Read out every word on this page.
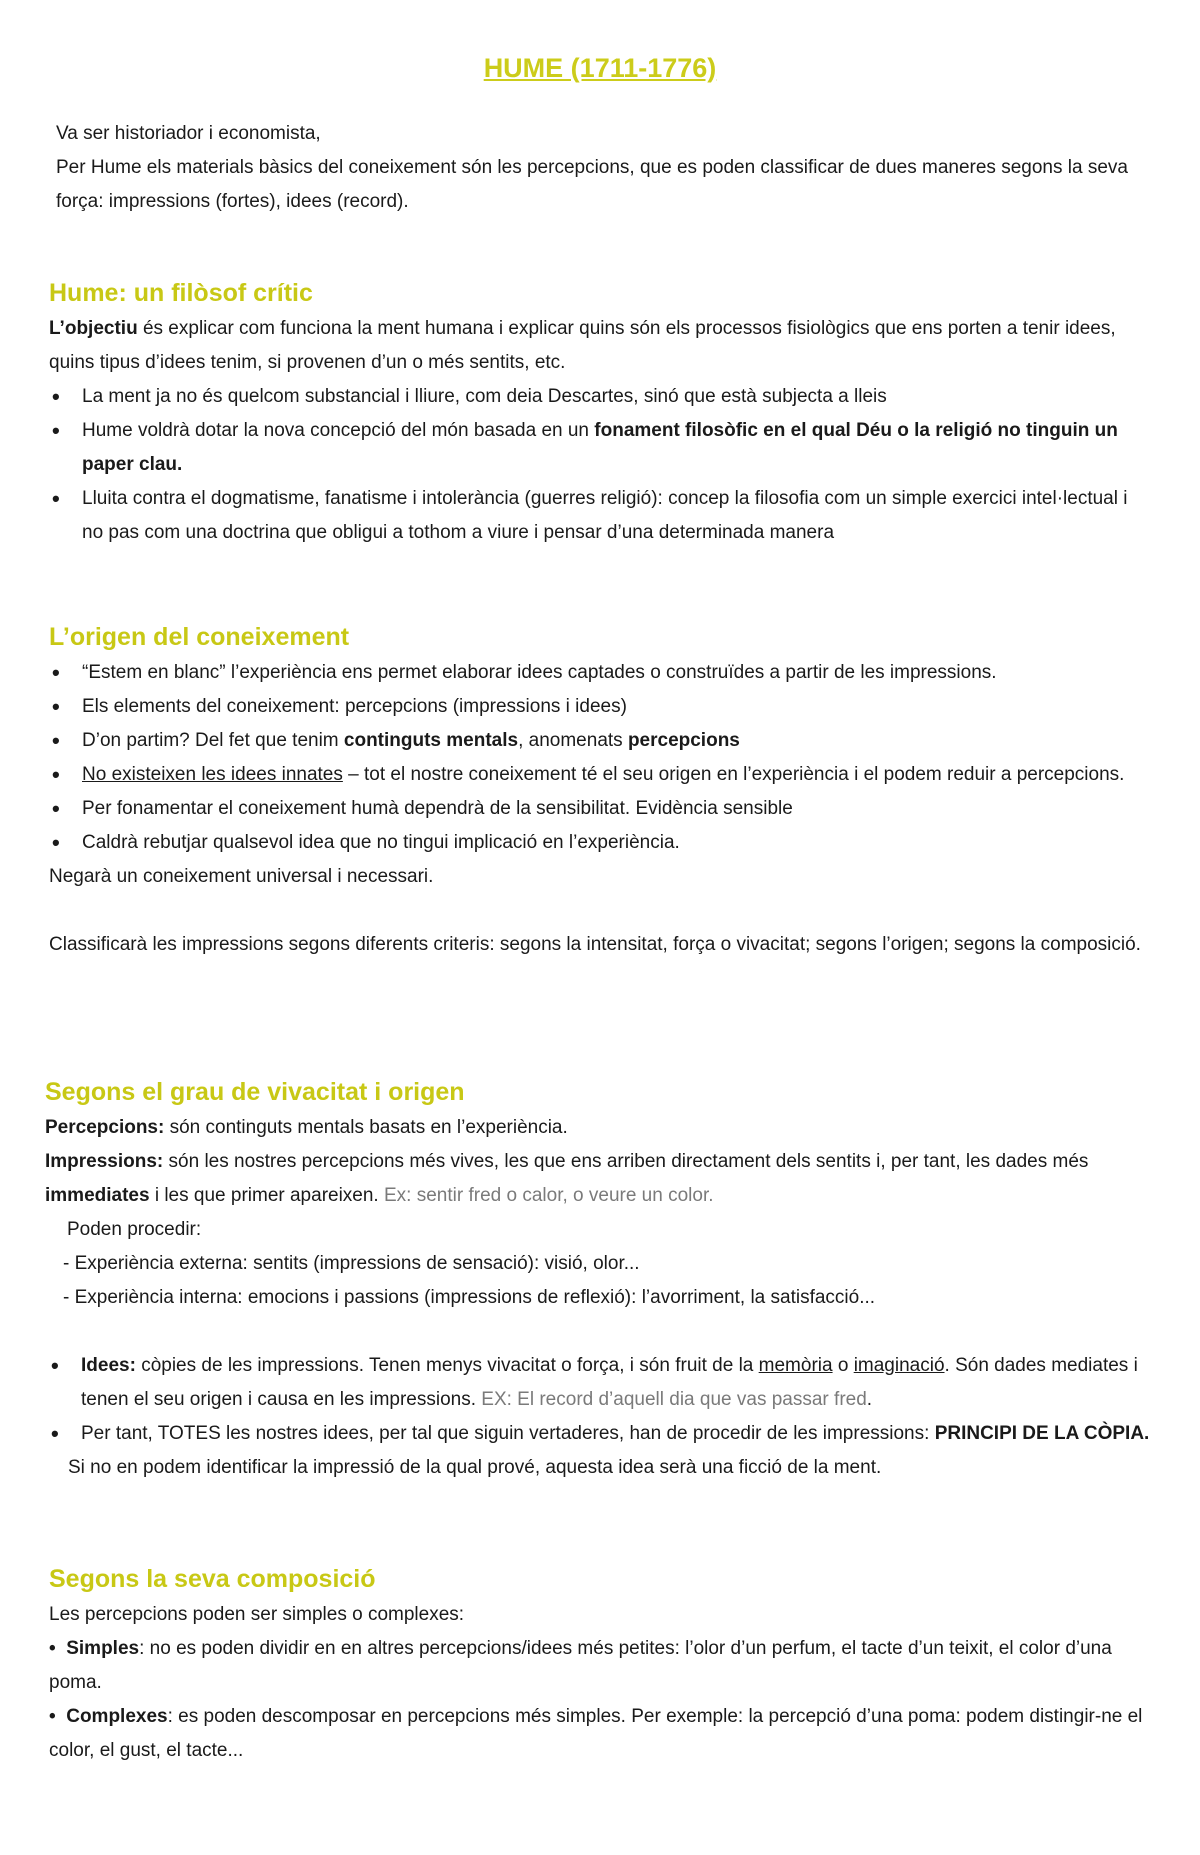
HUME (1711-1776)

Va ser historiador i economista,

Per Hume els materials bàsics del coneixement són les percepcions, que es poden classificar de dues maneres segons la seva força: impressions (fortes), idees (record).

Hume: un filòsof crític

L’objectiu és explicar com funciona la ment humana i explicar quins són els processos fisiològics que ens porten a tenir idees, quins tipus d’idees tenim, si provenen d’un o més sentits, etc.

• La ment ja no és quelcom substancial i lliure, com deia Descartes, sinó que està subjecta a lleis
• Hume voldrà dotar la nova concepció del món basada en un fonament filosòfic en el qual Déu o la religió no tinguin un paper clau.
• Lluita contra el dogmatisme, fanatisme i intolerància (guerres religió): concep la filosofia com un simple exercici intel·lectual i no pas com una doctrina que obligui a tothom a viure i pensar d’una determinada manera
L’origen del coneixement
• “Estem en blanc” l’experiència ens permet elaborar idees captades o construïdes a partir de les impressions.
• Els elements del coneixement: percepcions (impressions i idees)
• D’on partim? Del fet que tenim continguts mentals, anomenats percepcions
• No existeixen les idees innates – tot el nostre coneixement té el seu origen en l’experiència i el podem reduir a percepcions.
• Per fonamentar el coneixement humà dependrà de la sensibilitat. Evidència sensible
• Caldrà rebutjar qualsevol idea que no tingui implicació en l’experiència.

Negarà un coneixement universal i necessari.

Classificarà les impressions segons diferents criteris: segons la intensitat, força o vivacitat; segons l’origen; segons la composició.

Segons el grau de vivacitat i origen

Percepcions: són continguts mentals basats en l’experiència.

Impressions: són les nostres percepcions més vives, les que ens arriben directament dels sentits i, per tant, les dades més immediates i les que primer apareixen. Ex: sentir fred o calor, o veure un color.

Poden procedir:

- Experiència externa: sentits (impressions de sensació): visió, olor...

- Experiència interna: emocions i passions (impressions de reflexió): l’avorriment, la satisfacció...

• Idees: còpies de les impressions. Tenen menys vivacitat o força, i són fruit de la memòria o imaginació. Són dades mediates i tenen el seu origen i causa en les impressions. EX: El record d’aquell dia que vas passar fred.
• Per tant, TOTES les nostres idees, per tal que siguin vertaderes, han de procedir de les impressions: PRINCIPI DE LA CÒPIA.

Si no en podem identificar la impressió de la qual prové, aquesta idea serà una ficció de la ment.

Segons la seva composició

Les percepcions poden ser simples o complexes:

• Simples: no es poden dividir en en altres percepcions/idees més petites: l’olor d’un perfum, el tacte d’un teixit, el color d’una poma.

• Complexes: es poden descomposar en percepcions més simples. Per exemple: la percepció d’una poma: podem distingir-ne el color, el gust, el tacte...
